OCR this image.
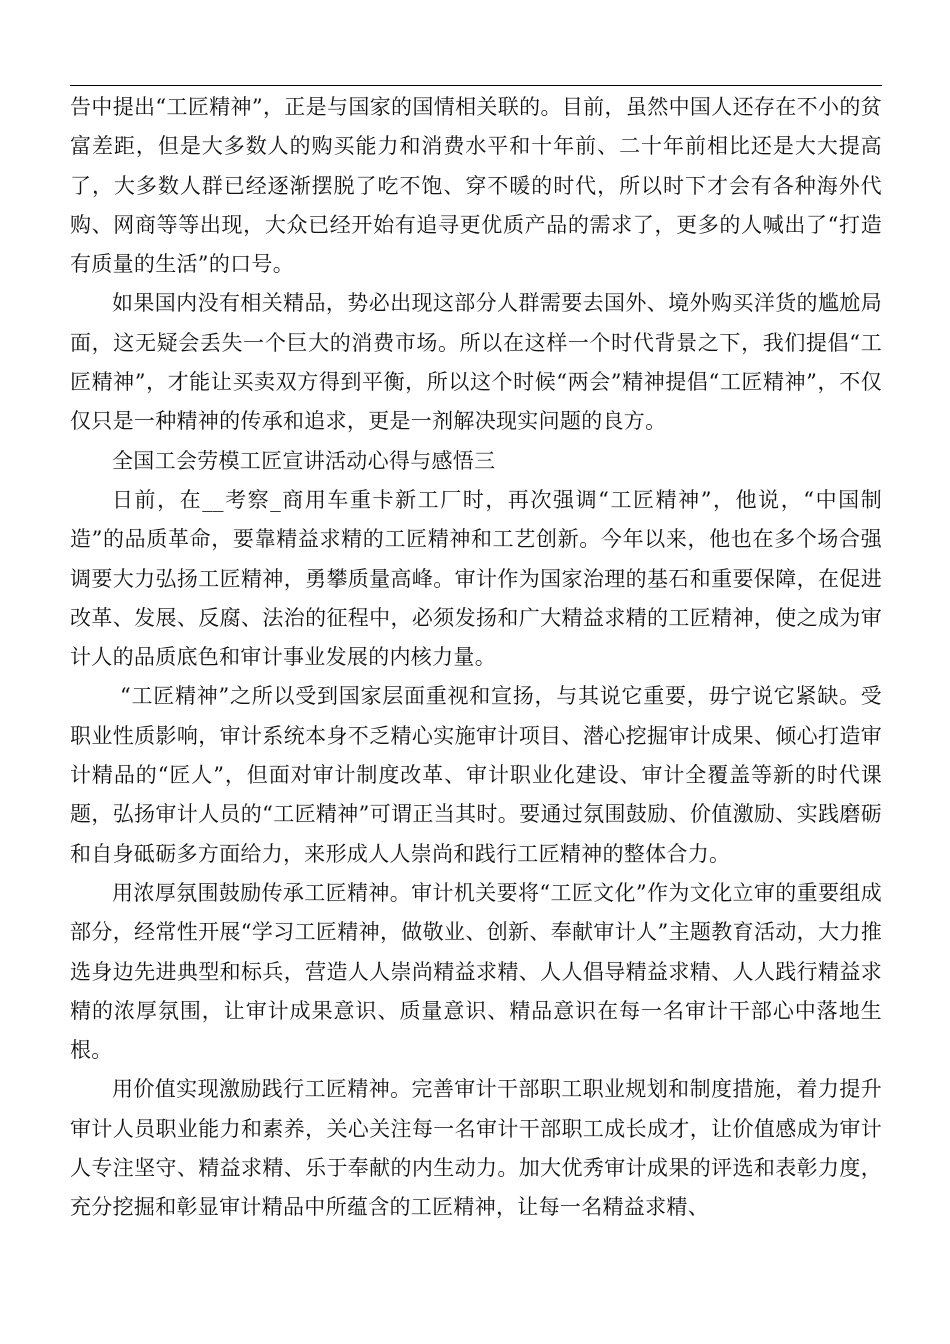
告中提出“工匠精神”，正是与国家的国情相关联的。目前，虽然中国人还存在不小的贫富差距，但是大多数人的购买能力和消费水平和十年前、二十年前相比还是大大提高了，大多数人群已经逐渐摆脱了吃不饱、穿不暖的时代，所以时下才会有各种海外代购、网商等等出现，大众已经开始有追寻更优质产品的需求了，更多的人喊出了“打造有质量的生活”的口号。

如果国内没有相关精品，势必出现这部分人群需要去国外、境外购买洋货的尴尬局面，这无疑会丢失一个巨大的消费市场。所以在这样一个时代背景之下，我们提倡“工匠精神”，才能让买卖双方得到平衡，所以这个时候“两会”精神提倡“工匠精神”，不仅仅只是一种精神的传承和追求，更是一剂解决现实问题的良方。

全国工会劳模工匠宣讲活动心得与感悟三

日前，在__考察_商用车重卡新工厂时，再次强调“工匠精神”，他说，“中国制造”的品质革命，要靠精益求精的工匠精神和工艺创新。今年以来，他也在多个场合强调要大力弘扬工匠精神，勇攀质量高峰。审计作为国家治理的基石和重要保障，在促进改革、发展、反腐、法治的征程中，必须发扬和广大精益求精的工匠精神，使之成为审计人的品质底色和审计事业发展的内核力量。

“工匠精神”之所以受到国家层面重视和宣扬，与其说它重要，毋宁说它紧缺。受职业性质影响，审计系统本身不乏精心实施审计项目、潜心挖掘审计成果、倾心打造审计精品的“匠人”，但面对审计制度改革、审计职业化建设、审计全覆盖等新的时代课题，弘扬审计人员的“工匠精神”可谓正当其时。要通过氛围鼓励、价值激励、实践磨砺和自身砥砺多方面给力，来形成人人崇尚和践行工匠精神的整体合力。

用浓厚氛围鼓励传承工匠精神。审计机关要将“工匠文化”作为文化立审的重要组成部分，经常性开展“学习工匠精神，做敬业、创新、奉献审计人”主题教育活动，大力推选身边先进典型和标兵，营造人人崇尚精益求精、人人倡导精益求精、人人践行精益求精的浓厚氛围，让审计成果意识、质量意识、精品意识在每一名审计干部心中落地生根。

用价值实现激励践行工匠精神。完善审计干部职工职业规划和制度措施，着力提升审计人员职业能力和素养，关心关注每一名审计干部职工成长成才，让价值感成为审计人专注坚守、精益求精、乐于奉献的内生动力。加大优秀审计成果的评选和表彰力度，充分挖掘和彰显审计精品中所蕴含的工匠精神，让每一名精益求精、
